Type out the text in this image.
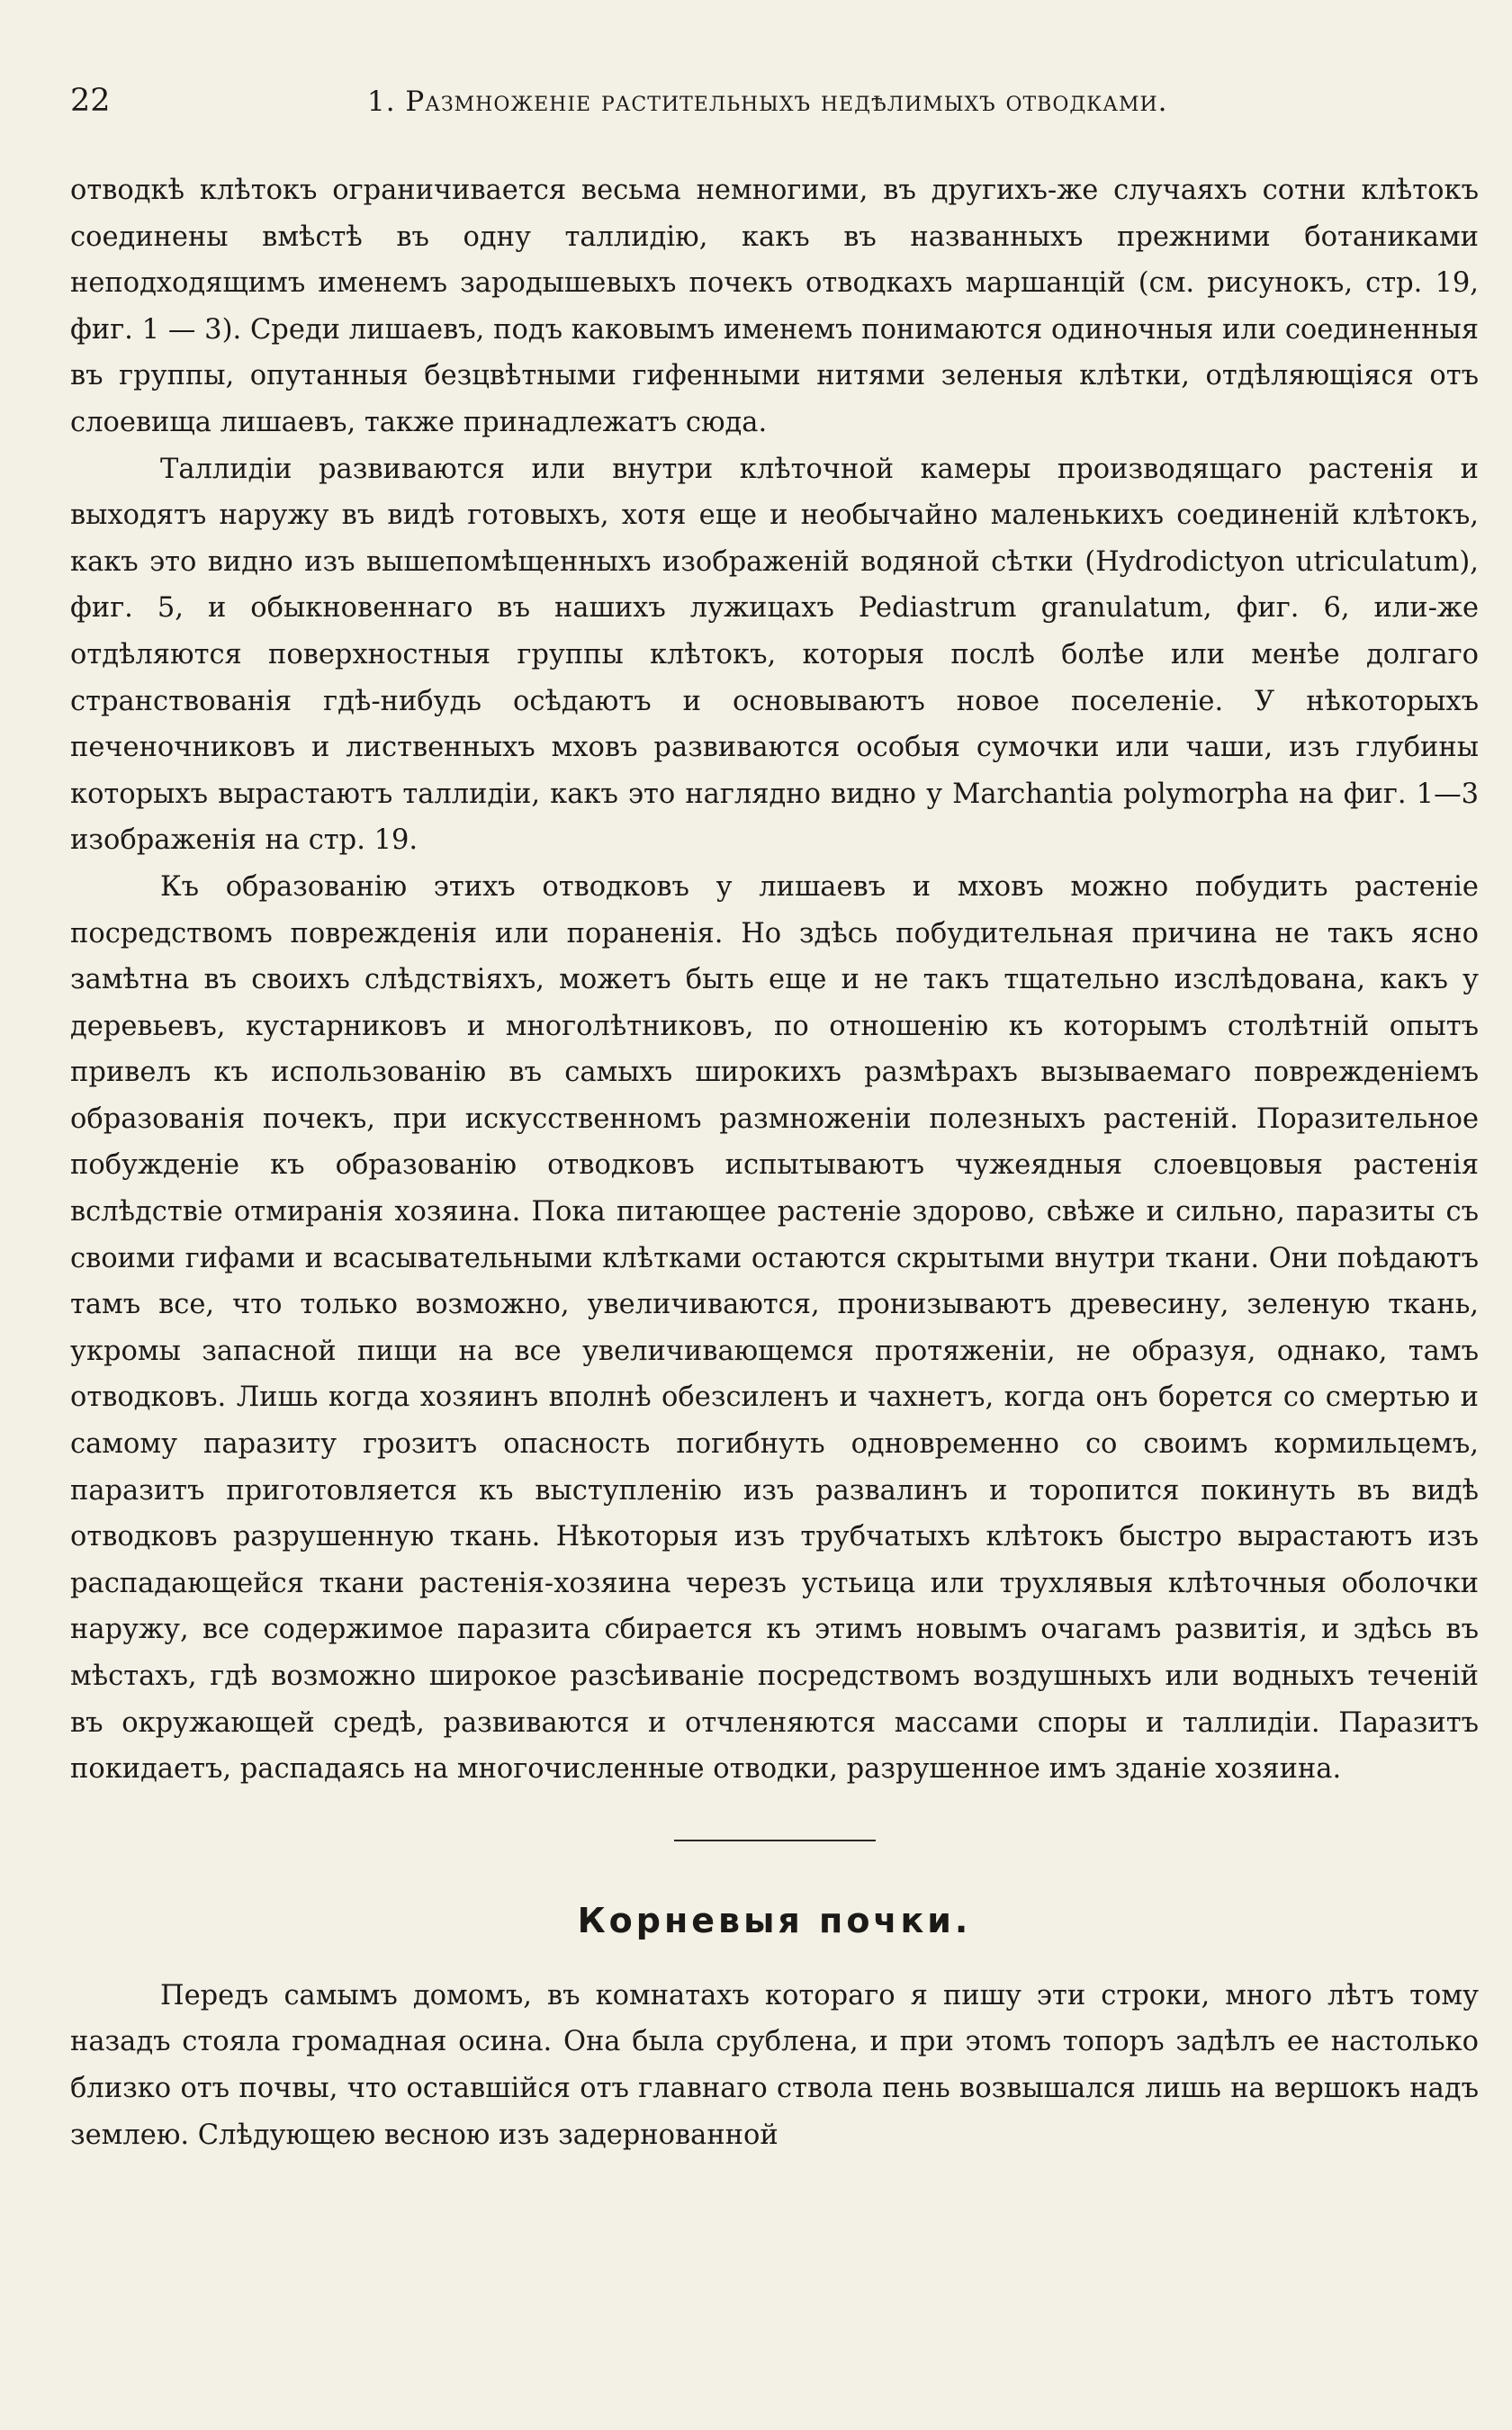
22	1. Размноженіе растительныхъ недѣлимыхъ отводками.

отводкѣ клѣтокъ ограничивается весьма немногими, въ другихъ-же случаяхъ сотни клѣтокъ соединены вмѣстѣ въ одну таллидію, какъ въ названныхъ прежними ботаниками неподходящимъ именемъ зародышевыхъ почекъ отводкахъ маршанцій (см. рисунокъ, стр. 19, фиг. 1 — 3). Среди лишаевъ, подъ каковымъ именемъ понимаются одиночныя или соединенныя въ группы, опутанныя безцвѣтными гифенными нитями зеленыя клѣтки, отдѣляющіяся отъ слоевища лишаевъ, также принадлежатъ сюда.

Таллидіи развиваются или внутри клѣточной камеры производящаго растенія и выходятъ наружу въ видѣ готовыхъ, хотя еще и необычайно маленькихъ соединеній клѣтокъ, какъ это видно изъ вышепомѣщенныхъ изображеній водяной сѣтки (Hydrodictyon utriculatum), фиг. 5, и обыкновеннаго въ нашихъ лужицахъ Pediastrum granulatum, фиг. 6, или-же отдѣляются поверхностныя группы клѣтокъ, которыя послѣ болѣе или менѣе долгаго странствованія гдѣ-нибудь осѣдаютъ и основываютъ новое поселеніе. У нѣкоторыхъ печеночниковъ и лиственныхъ мховъ развиваются особыя сумочки или чаши, изъ глубины которыхъ вырастаютъ таллидіи, какъ это наглядно видно у Marchantia polymorpha на фиг. 1—3 изображенія на стр. 19.

Къ образованію этихъ отводковъ у лишаевъ и мховъ можно побудить растеніе посредствомъ поврежденія или пораненія. Но здѣсь побудительная причина не такъ ясно замѣтна въ своихъ слѣдствіяхъ, можетъ быть еще и не такъ тщательно изслѣдована, какъ у деревьевъ, кустарниковъ и многолѣтниковъ, по отношенію къ которымъ столѣтній опытъ привелъ къ использованію въ самыхъ широкихъ размѣрахъ вызываемаго поврежденіемъ образованія почекъ, при искусственномъ размноженіи полезныхъ растеній. Поразительное побужденіе къ образованію отводковъ испытываютъ чужеядныя слоевцовыя растенія вслѣдствіе отмиранія хозяина. Пока питающее растеніе здорово, свѣже и сильно, паразиты съ своими гифами и всасывательными клѣтками остаются скрытыми внутри ткани. Они поѣдаютъ тамъ все, что только возможно, увеличиваются, пронизываютъ древесину, зеленую ткань, укромы запасной пищи на все увеличивающемся протяженіи, не образуя, однако, тамъ отводковъ. Лишь когда хозяинъ вполнѣ обезсиленъ и чахнетъ, когда онъ борется со смертью и самому паразиту грозитъ опасность погибнуть одновременно со своимъ кормильцемъ, паразитъ приготовляется къ выступленію изъ развалинъ и торопится покинуть въ видѣ отводковъ разрушенную ткань. Нѣкоторыя изъ трубчатыхъ клѣтокъ быстро вырастаютъ изъ распадающейся ткани растенія-хозяина черезъ устьица или трухлявыя клѣточныя оболочки наружу, все содержимое паразита сбирается къ этимъ новымъ очагамъ развитія, и здѣсь въ мѣстахъ, гдѣ возможно широкое разсѣиваніе посредствомъ воздушныхъ или водныхъ теченій въ окружающей средѣ, развиваются и отчленяются массами споры и таллидіи. Паразитъ покидаетъ, распадаясь на многочисленные отводки, разрушенное имъ зданіе хозяина.

Корневыя почки.

Передъ самымъ домомъ, въ комнатахъ котораго я пишу эти строки, много лѣтъ тому назадъ стояла громадная осина. Она была срублена, и при этомъ топоръ задѣлъ ее настолько близко отъ почвы, что оставшійся отъ главнаго ствола пень возвышался лишь на вершокъ надъ землею. Слѣдующею весною изъ задернованной
